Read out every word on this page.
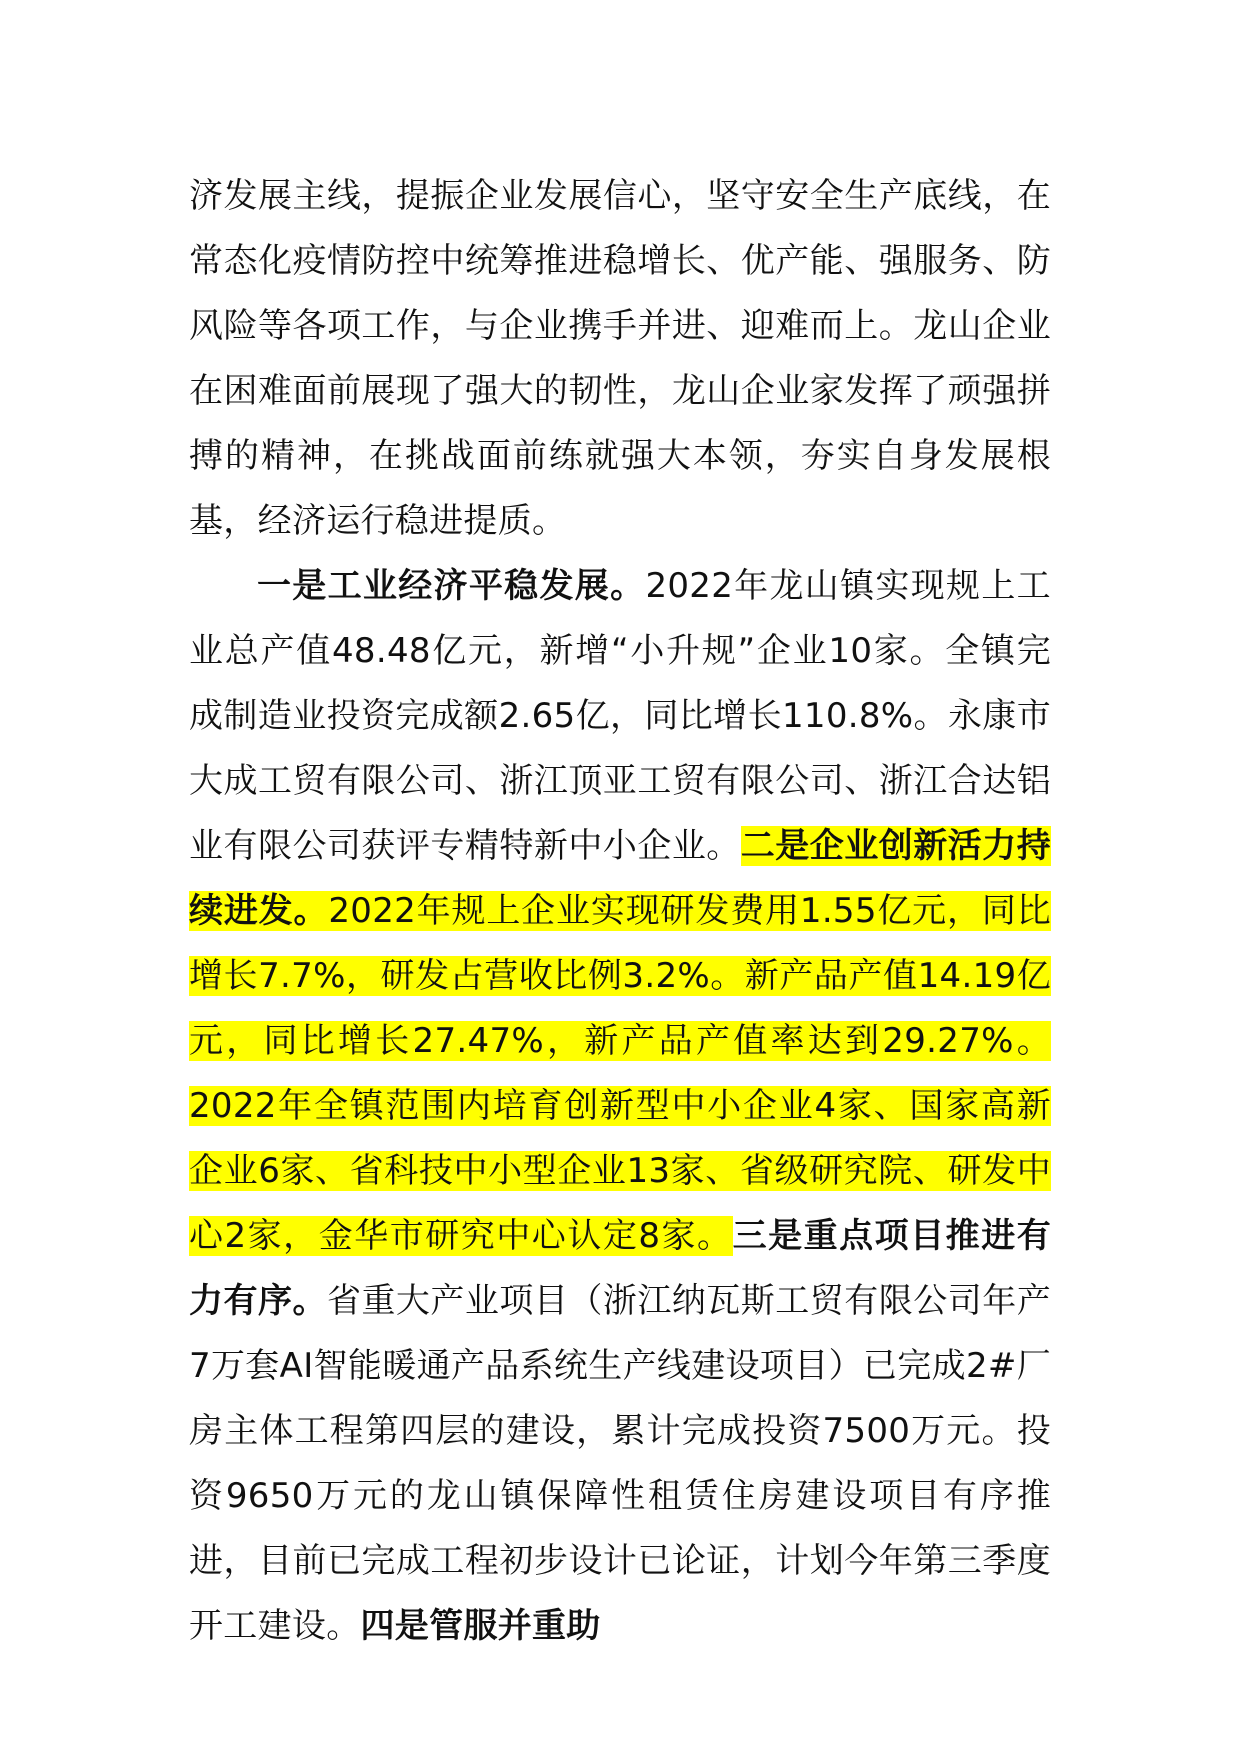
济发展主线，提振企业发展信心，坚守安全生产底线，在常态化疫情防控中统筹推进稳增长、优产能、强服务、防风险等各项工作，与企业携手并进、迎难而上。龙山企业在困难面前展现了强大的韧性，龙山企业家发挥了顽强拼搏的精神，在挑战面前练就强大本领，夯实自身发展根基，经济运行稳进提质。

一是工业经济平稳发展。2022年龙山镇实现规上工业总产值48.48亿元，新增“小升规”企业10家。全镇完成制造业投资完成额2.65亿，同比增长110.8%。永康市大成工贸有限公司、浙江顶亚工贸有限公司、浙江合达铝业有限公司获评专精特新中小企业。二是企业创新活力持续进发。2022年规上企业实现研发费用1.55亿元，同比增长7.7%，研发占营收比例3.2%。新产品产值14.19亿元，同比增长27.47%，新产品产值率达到29.27%。2022年全镇范围内培育创新型中小企业4家、国家高新企业6家、省科技中小型企业13家、省级研究院、研发中心2家，金华市研究中心认定8家。三是重点项目推进有力有序。省重大产业项目（浙江纳瓦斯工贸有限公司年产7万套AI智能暖通产品系统生产线建设项目）已完成2#厂房主体工程第四层的建设，累计完成投资7500万元。投资9650万元的龙山镇保障性租赁住房建设项目有序推进，目前已完成工程初步设计已论证，计划今年第三季度开工建设。四是管服并重助
